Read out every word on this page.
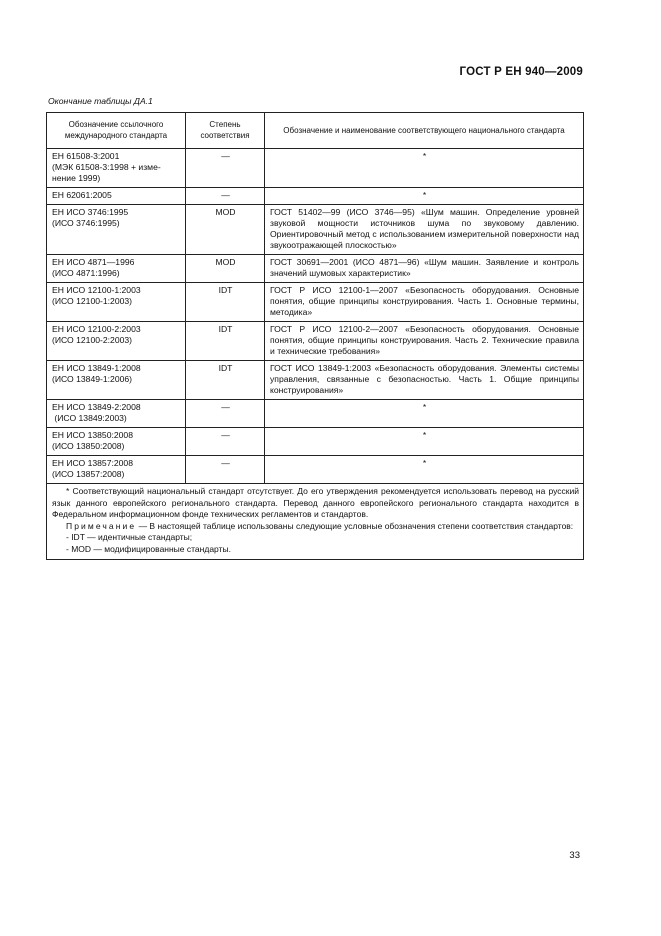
ГОСТ Р ЕН 940—2009
Окончание таблицы ДА.1
Обозначение ссылочного международного стандарта	Степень соответствия	Обозначение и наименование соответствующего национального стандарта

ЕН 61508-3:2001
(МЭК 61508-3:1998 + изме-
нение 1999)	—	*

ЕН 62061:2005	—	*

ЕН ИСО 3746:1995
(ИСО 3746:1995)	MOD	ГОСТ 51402—99 (ИСО 3746—95) «Шум машин. Определение уровней звуковой мощности источников шума по звуковому давлению. Ориентировочный метод с использованием измерительной поверхности над звукоотражающей плоскостью»

ЕН ИСО 4871—1996
(ИСО 4871:1996)	MOD	ГОСТ 30691—2001 (ИСО 4871—96) «Шум машин. Заявление и контроль значений шумовых характеристик»

ЕН ИСО 12100-1:2003
(ИСО 12100-1:2003)	IDT	ГОСТ Р ИСО 12100-1—2007 «Безопасность оборудования. Основные понятия, общие принципы конструирования. Часть 1. Основные термины, методика»

ЕН ИСО 12100-2:2003
(ИСО 12100-2:2003)	IDT	ГОСТ Р ИСО 12100-2—2007 «Безопасность оборудования. Основные понятия, общие принципы конструирования. Часть 2. Технические правила и технические требования»

ЕН ИСО 13849-1:2008
(ИСО 13849-1:2006)	IDT	ГОСТ ИСО 13849-1:2003 «Безопасность оборудования. Элементы системы управления, связанные с безопасностью. Часть 1. Общие принципы конструирования»

ЕН ИСО 13849-2:2008
(ИСО 13849:2003)	—	*

ЕН ИСО 13850:2008
(ИСО 13850:2008)	—	*

ЕН ИСО 13857:2008
(ИСО 13857:2008)	—	*

* Соответствующий национальный стандарт отсутствует. До его утверждения рекомендуется использовать перевод на русский язык данного европейского регионального стандарта. Перевод данного европейского регионального стандарта находится в Федеральном информационном фонде технических регламентов и стандартов.

Примечание — В настоящей таблице использованы следующие условные обозначения степени соответствия стандартов:

- IDT — идентичные стандарты;

- MOD — модифицированные стандарты.		

33
